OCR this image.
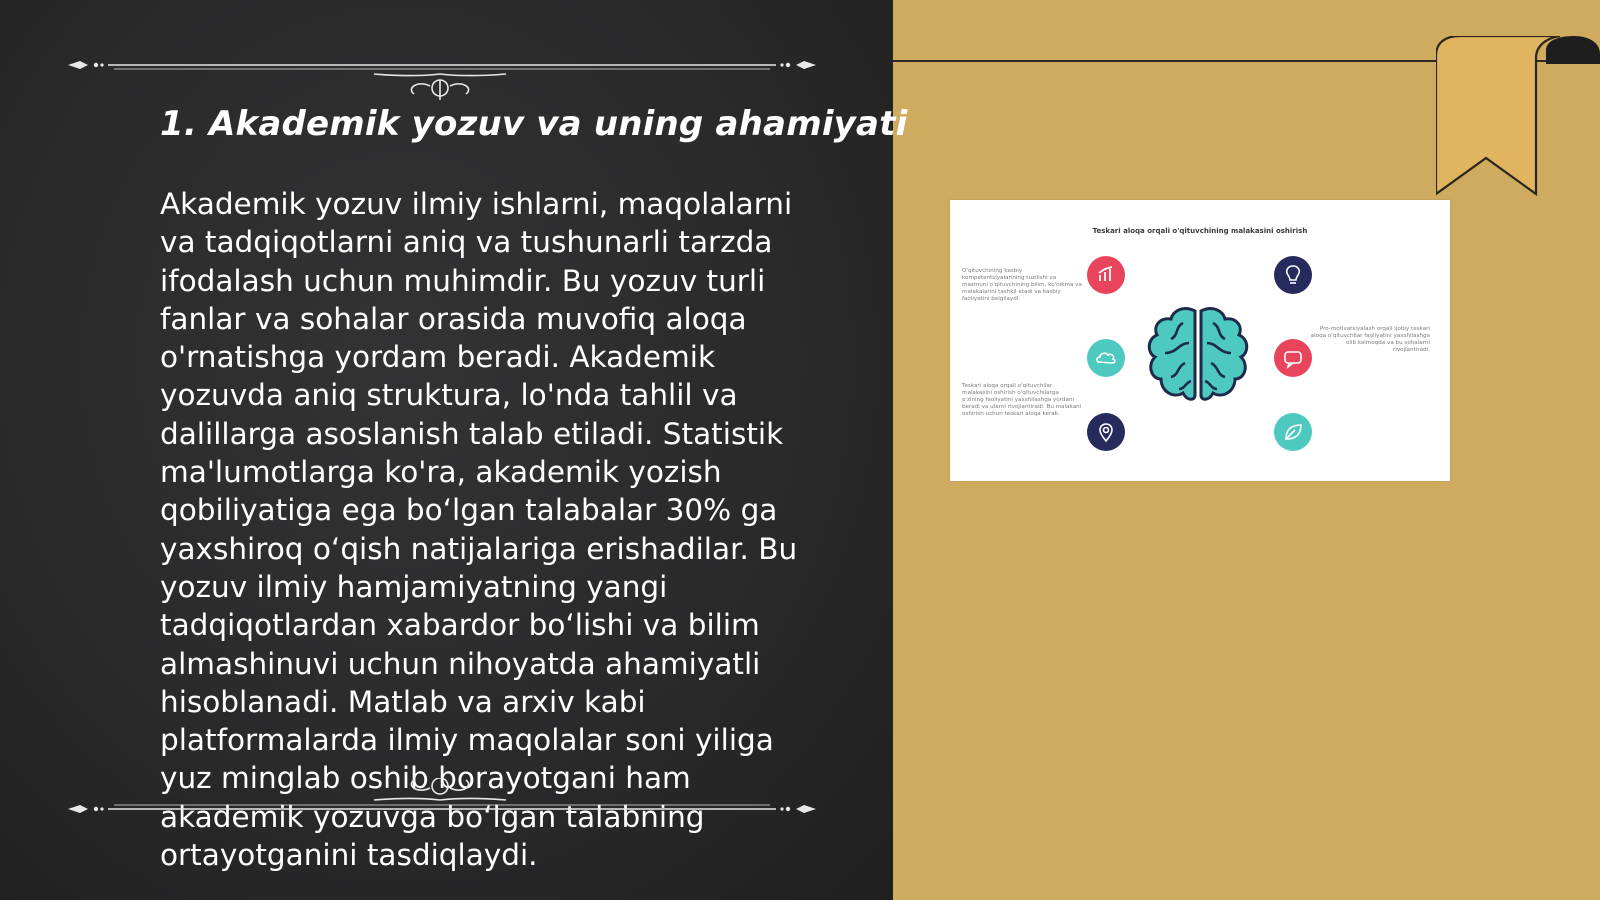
1. Akademik yozuv va uning ahamiyati

Akademik yozuv ilmiy ishlarni, maqolalarni va tadqiqotlarni aniq va tushunarli tarzda ifodalash uchun muhimdir. Bu yozuv turli fanlar va sohalar orasida muvofiq aloqa o'rnatishga yordam beradi. Akademik yozuvda aniq struktura, lo'nda tahlil va dalillarga asoslanish talab etiladi. Statistik ma'lumotlarga ko'ra, akademik yozish qobiliyatiga ega bo‘lgan talabalar 30% ga yaxshiroq o‘qish natijalariga erishadilar. Bu yozuv ilmiy hamjamiyatning yangi tadqiqotlardan xabardor bo‘lishi va bilim almashinuvi uchun nihoyatda ahamiyatli hisoblanadi. Matlab va arxiv kabi platformalarda ilmiy maqolalar soni yiliga yuz minglab oshib borayotgani ham akademik yozuvga bo‘lgan talabning ortayotganini tasdiqlaydi.

Teskari aloqa orqali o'qituvchining malakasini oshirish
O'qituvchining kasbiy kompetentsiyalarining tuzilishi va mazmuni o'qituvchining bilim, ko'nikma va malakalarini tashkil etadi va kasbiy faoliyatini belgilaydi.
Teskari aloqa orqali o'qituvchilar malakasini oshirish o'qituvchilarga o'zining faoliyatini yaxshilashga yordam beradi va ularni rivojlantiradi. Bu malakani oshirish uchun teskari aloqa kerak.
Pro-motivatsiyalash orqali ijobiy teskari aloqa o'qituvchilar faoliyatini yaxshilashga olib kelmoqda va bu sohalarni rivojlantiradi.
